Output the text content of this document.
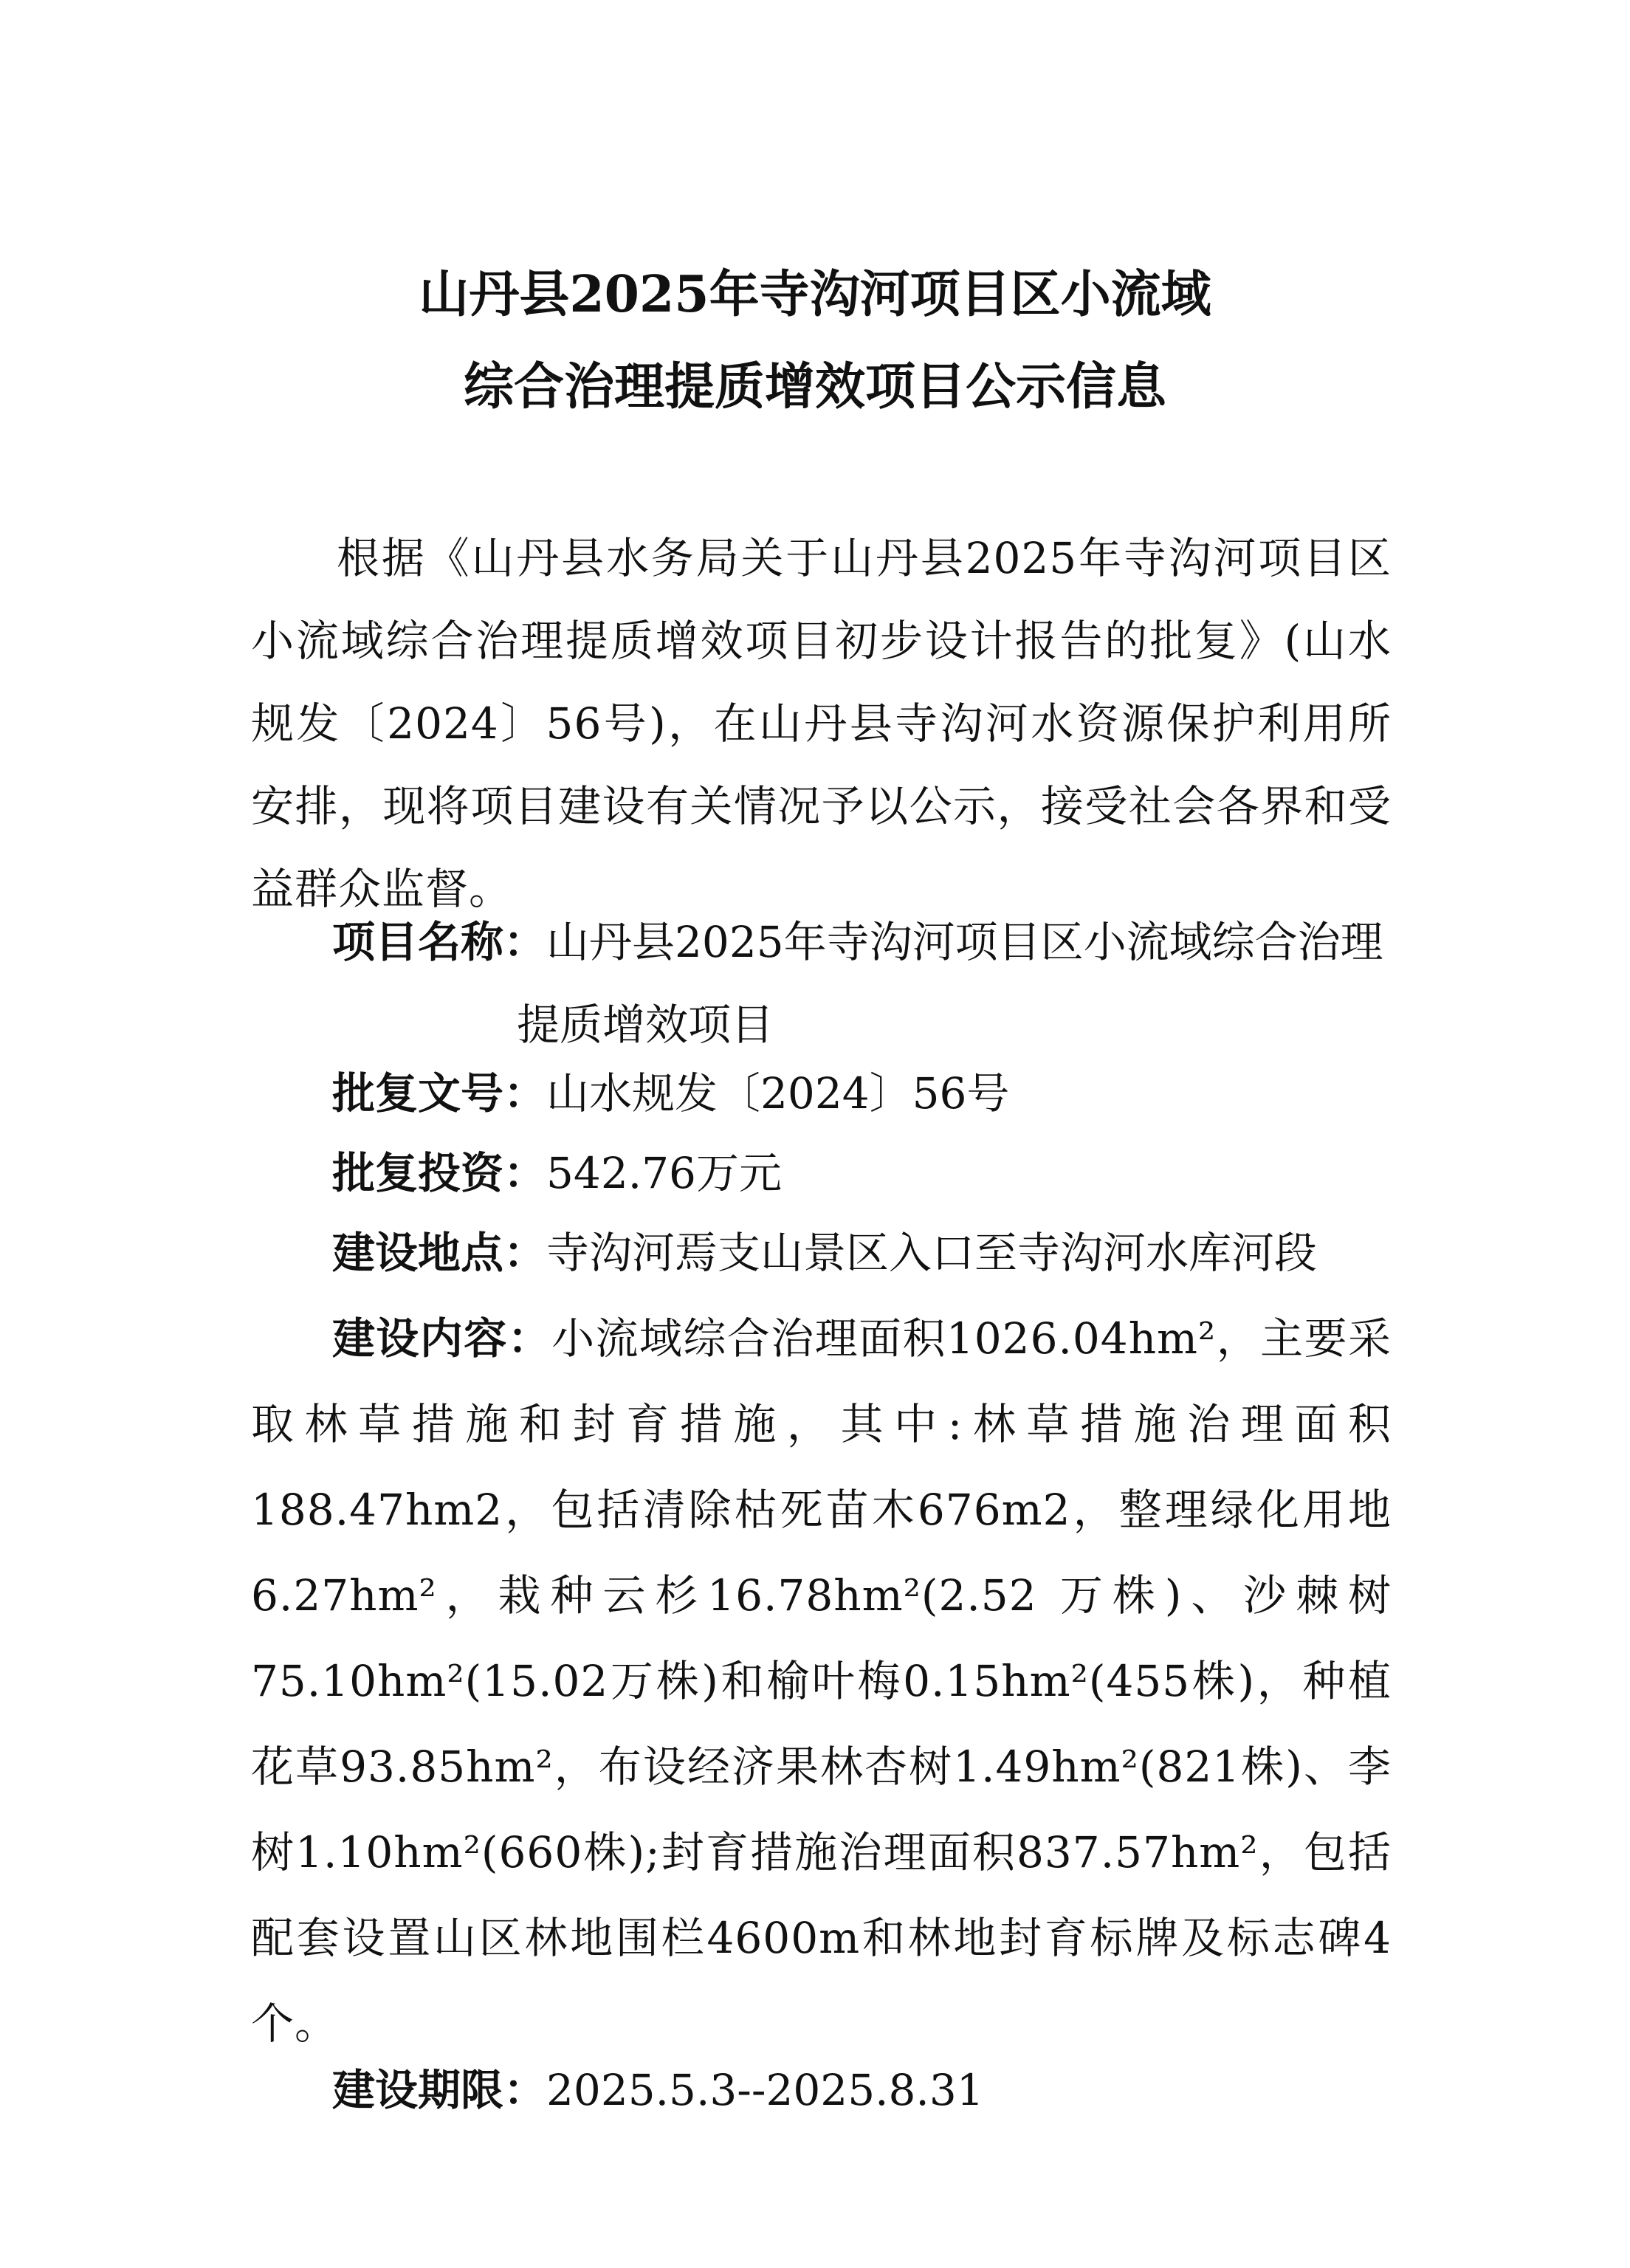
山丹县2025年寺沟河项目区小流域
综合治理提质增效项目公示信息
根据《山丹县水务局关于山丹县2025年寺沟河项目区小流域综合治理提质增效项目初步设计报告的批复》(山水规发〔2024〕56号)，在山丹县寺沟河水资源保护利用所安排，现将项目建设有关情况予以公示，接受社会各界和受益群众监督。
项目名称：山丹县2025年寺沟河项目区小流域综合治理
提质增效项目
批复文号：山水规发〔2024〕56号
批复投资：542.76万元
建设地点：寺沟河焉支山景区入口至寺沟河水库河段
建设内容：小流域综合治理面积1026.04hm²，主要采取林草措施和封育措施，其中:林草措施治理面积188.47hm2，包括清除枯死苗木676m2，整理绿化用地6.27hm²，栽种云杉16.78hm²(2.52 万株)、沙棘树75.10hm²(15.02万株)和榆叶梅0.15hm²(455株)，种植花草93.85hm²，布设经济果林杏树1.49hm²(821株)、李树1.10hm²(660株);封育措施治理面积837.57hm²，包括配套设置山区林地围栏4600m和林地封育标牌及标志碑4个。
建设期限：2025.5.3--2025.8.31
